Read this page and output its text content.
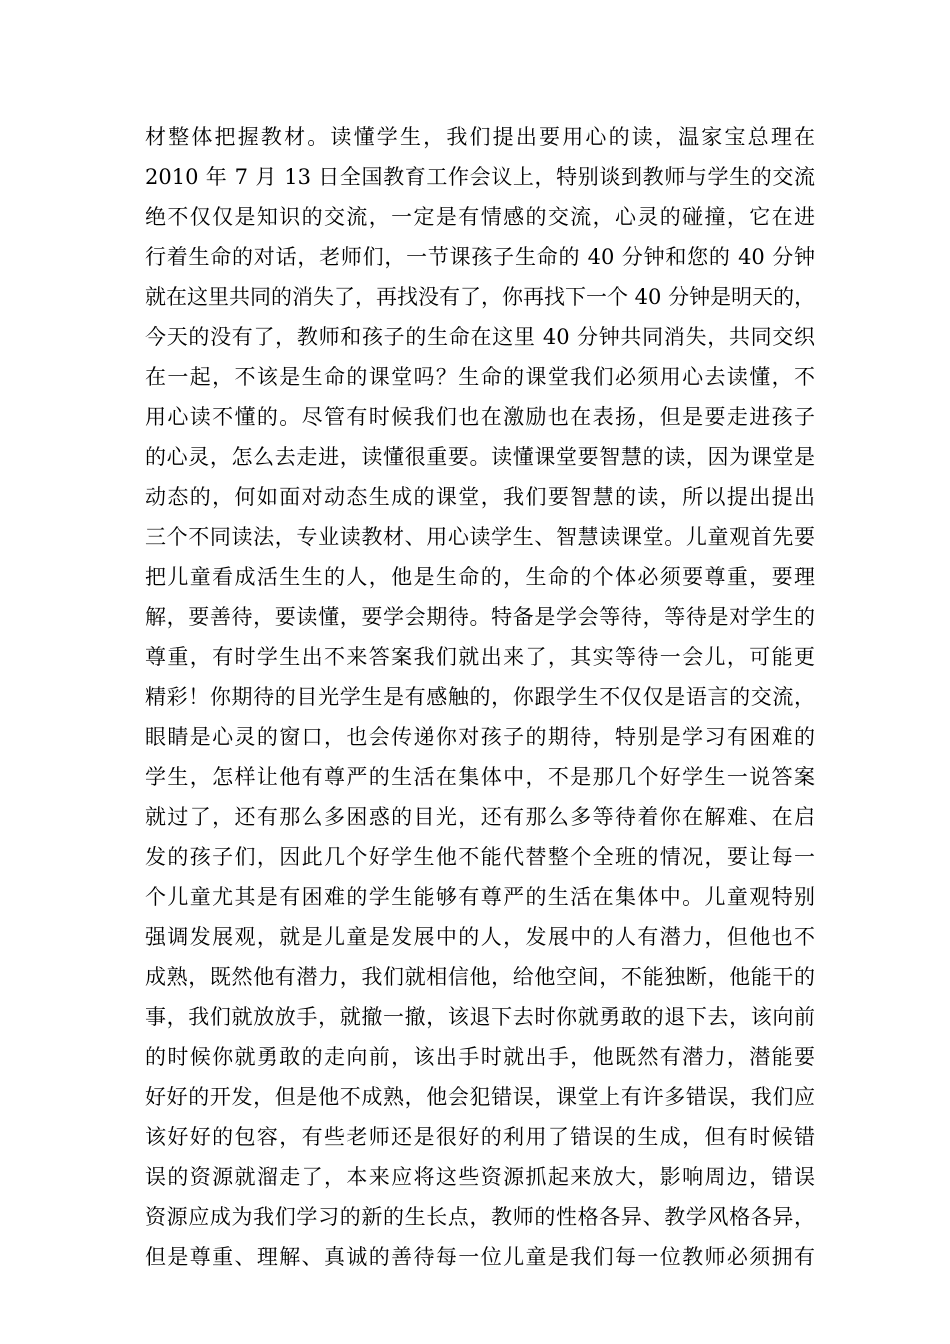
材整体把握教材。读懂学生，我们提出要用心的读，温家宝总理在
2010 年 7 月 13 日全国教育工作会议上，特别谈到教师与学生的交流
绝不仅仅是知识的交流，一定是有情感的交流，心灵的碰撞，它在进
行着生命的对话，老师们，一节课孩子生命的 40 分钟和您的 40 分钟
就在这里共同的消失了，再找没有了，你再找下一个 40 分钟是明天的，
今天的没有了，教师和孩子的生命在这里 40 分钟共同消失，共同交织
在一起，不该是生命的课堂吗？生命的课堂我们必须用心去读懂，不
用心读不懂的。尽管有时候我们也在激励也在表扬，但是要走进孩子
的心灵，怎么去走进，读懂很重要。读懂课堂要智慧的读，因为课堂是
动态的，何如面对动态生成的课堂，我们要智慧的读，所以提出提出
三个不同读法，专业读教材、用心读学生、智慧读课堂。儿童观首先要
把儿童看成活生生的人，他是生命的，生命的个体必须要尊重，要理
解，要善待，要读懂，要学会期待。特备是学会等待，等待是对学生的
尊重，有时学生出不来答案我们就出来了，其实等待一会儿，可能更
精彩！你期待的目光学生是有感触的，你跟学生不仅仅是语言的交流，
眼睛是心灵的窗口，也会传递你对孩子的期待，特别是学习有困难的
学生，怎样让他有尊严的生活在集体中，不是那几个好学生一说答案
就过了，还有那么多困惑的目光，还有那么多等待着你在解难、在启
发的孩子们，因此几个好学生他不能代替整个全班的情况，要让每一
个儿童尤其是有困难的学生能够有尊严的生活在集体中。儿童观特别
强调发展观，就是儿童是发展中的人，发展中的人有潜力，但他也不
成熟，既然他有潜力，我们就相信他，给他空间，不能独断，他能干的
事，我们就放放手，就撤一撤，该退下去时你就勇敢的退下去，该向前
的时候你就勇敢的走向前，该出手时就出手，他既然有潜力，潜能要
好好的开发，但是他不成熟，他会犯错误，课堂上有许多错误，我们应
该好好的包容，有些老师还是很好的利用了错误的生成，但有时候错
误的资源就溜走了，本来应将这些资源抓起来放大，影响周边，错误
资源应成为我们学习的新的生长点，教师的性格各异、教学风格各异，
但是尊重、理解、真诚的善待每一位儿童是我们每一位教师必须拥有
